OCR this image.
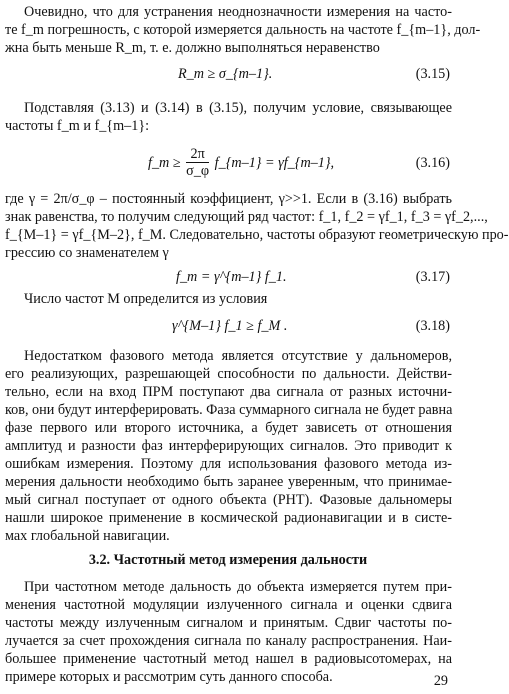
Очевидно, что для устранения неоднозначности измерения на часто-
те f_m погрешность, с которой измеряется дальность на частоте f_{m–1}, дол-
жна быть меньше R_m, т. е. должно выполняться неравенство
R_m ≥ σ_{m–1}.	(3.15)
Подставляя (3.13) и (3.14) в (3.15), получим условие, связывающее
частоты f_m и f_{m–1}:
f_m ≥ $\frac{2\pi}{\sigma\_\varphi}$ f_{m–1} = γf_{m–1},	(3.16)
где γ = 2π/σ_φ – постоянный коэффициент, γ>>1. Если в (3.16) выбрать
знак равенства, то получим следующий ряд частот: f_1, f_2 = γf_1, f_3 = γf_2,...,
f_{M–1} = γf_{M–2}, f_M. Следовательно, частоты образуют геометрическую про-
грессию со знаменателем γ
f_m = γ^{m–1} f_1.	(3.17)
Число частот M определится из условия
γ^{M–1} f_1 ≥ f_M .	(3.18)
Недостатком фазового метода является отсутствие у дальномеров,
его реализующих, разрешающей способности по дальности. Действи-
тельно, если на вход ПРМ поступают два сигнала от разных источни-
ков, они будут интерферировать. Фаза суммарного сигнала не будет равна
фазе первого или второго источника, а будет зависеть от отношения
амплитуд и разности фаз интерферирующих сигналов. Это приводит к
ошибкам измерения. Поэтому для использования фазового метода из-
мерения дальности необходимо быть заранее уверенным, что принимае-
мый сигнал поступает от одного объекта (РНТ). Фазовые дальномеры
нашли широкое применение в космической радионавигации и в систе-
мах глобальной навигации.
3.2. Частотный метод измерения дальности
При частотном методе дальность до объекта измеряется путем при-
менения частотной модуляции излученного сигнала и оценки сдвига
частоты между излученным сигналом и принятым. Сдвиг частоты по-
лучается за счет прохождения сигнала по каналу распространения. Наи-
большее применение частотный метод нашел в радиовысотомерах, на
примере которых и рассмотрим суть данного способа.	29
